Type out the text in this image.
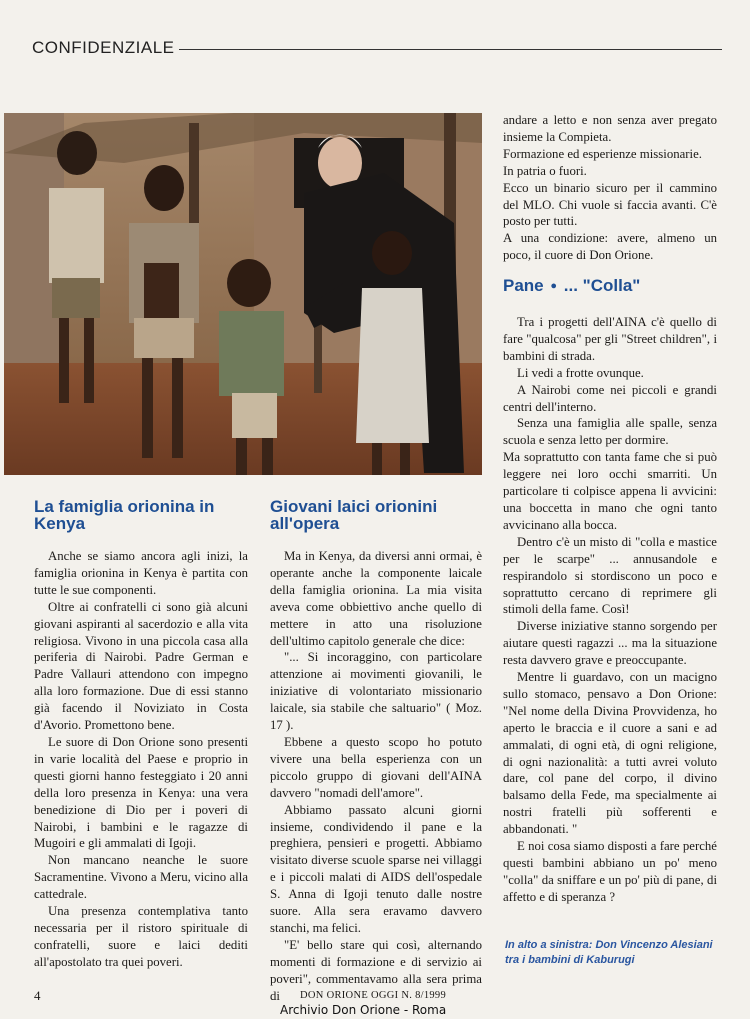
CONFIDENZIALE
La famiglia orionina in Kenya

Anche se siamo ancora agli inizi, la famiglia orionina in Kenya è partita con tutte le sue componenti.

Oltre ai confratelli ci sono già alcuni giovani aspiranti al sacerdozio e alla vita religiosa. Vivono in una piccola casa alla periferia di Nairobi. Padre German e Padre Vallauri attendono con impegno alla loro formazione. Due di essi stanno già facendo il Noviziato in Costa d'Avorio. Promettono bene.

Le suore di Don Orione sono presenti in varie località del Paese e proprio in questi giorni hanno festeggiato i 20 anni della loro presenza in Kenya: una vera benedizione di Dio per i poveri di Nairobi, i bambini e le ragazze di Mugoiri e gli ammalati di Igoji.

Non mancano neanche le suore Sacramentine. Vivono a Meru, vicino alla cattedrale.

Una presenza contemplativa tanto necessaria per il ristoro spirituale di confratelli, suore e laici dediti all'apostolato tra quei poveri.

Giovani laici orionini all'opera

Ma in Kenya, da diversi anni ormai, è operante anche la componente laicale della famiglia orionina. La mia visita aveva come obbiettivo anche quello di mettere in atto una risoluzione dell'ultimo capitolo generale che dice:

"... Si incoraggino, con particolare attenzione ai movimenti giovanili, le iniziative di volontariato missionario laicale, sia stabile che saltuario" ( Moz. 17 ).

Ebbene a questo scopo ho potuto vivere una bella esperienza con un piccolo gruppo di giovani dell'AINA davvero "nomadi dell'amore".

Abbiamo passato alcuni giorni insieme, condividendo il pane e la preghiera, pensieri e progetti. Abbiamo visitato diverse scuole sparse nei villaggi e i piccoli malati di AIDS dell'ospedale S. Anna di Igoji tenuto dalle nostre suore. Alla sera eravamo davvero stanchi, ma felici.

"E' bello stare qui così, alternando momenti di formazione e di servizio ai poveri", commentavamo alla sera prima di

andare a letto e non senza aver pregato insieme la Compieta.

Formazione ed esperienze missionarie.

In patria o fuori.

Ecco un binario sicuro per il cammino del MLO. Chi vuole si faccia avanti. C'è posto per tutti.

A una condizione: avere, almeno un poco, il cuore di Don Orione.

Pane ● ... "Colla"

Tra i progetti dell'AINA c'è quello di fare "qualcosa" per gli "Street children", i bambini di strada.

Li vedi a frotte ovunque.

A Nairobi come nei piccoli e grandi centri dell'interno.

Senza una famiglia alle spalle, senza scuola e senza letto per dormire.

Ma soprattutto con tanta fame che si può leggere nei loro occhi smarriti. Un particolare ti colpisce appena li avvicini: una boccetta in mano che ogni tanto avvicinano alla bocca.

Dentro c'è un misto di "colla e mastice per le scarpe" ... annusandole e respirandolo si stordiscono un poco e soprattutto cercano di reprimere gli stimoli della fame. Così!

Diverse iniziative stanno sorgendo per aiutare questi ragazzi ... ma la situazione resta davvero grave e preoccupante.

Mentre li guardavo, con un macigno sullo stomaco, pensavo a Don Orione: "Nel nome della Divina Provvidenza, ho aperto le braccia e il cuore a sani e ad ammalati, di ogni età, di ogni religione, di ogni nazionalità: a tutti avrei voluto dare, col pane del corpo, il divino balsamo della Fede, ma specialmente ai nostri fratelli più sofferenti e abbandonati. "

E noi cosa siamo disposti a fare perché questi bambini abbiano un po' meno "colla" da sniffare e un po' più di pane, di affetto e di speranza ?

In alto a sinistra: Don Vincenzo Alesiani tra i bambini di Kaburugi
4	DON ORIONE OGGI N. 8/1999
Archivio Don Orione - Roma
